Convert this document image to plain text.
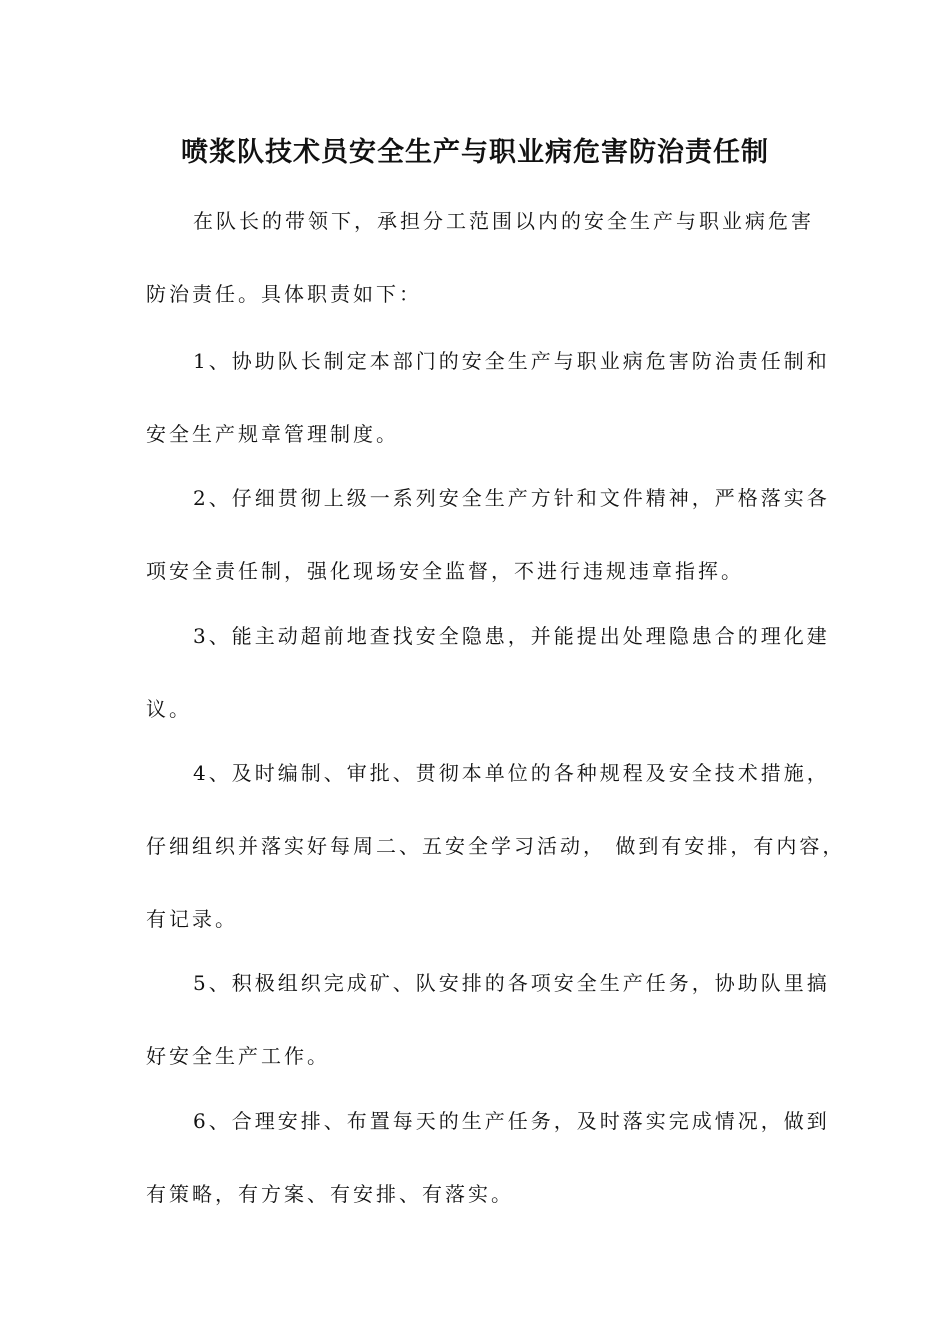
喷浆队技术员安全生产与职业病危害防治责任制

在队长的带领下，承担分工范围以内的安全生产与职业病危害

防治责任。具体职责如下：

1、协助队长制定本部门的安全生产与职业病危害防治责任制和

安全生产规章管理制度。

2、仔细贯彻上级一系列安全生产方针和文件精神，严格落实各

项安全责任制，强化现场安全监督，不进行违规违章指挥。

3、能主动超前地查找安全隐患，并能提出处理隐患合的理化建

议。

4、及时编制、审批、贯彻本单位的各种规程及安全技术措施，

仔细组织并落实好每周二、五安全学习活动， 做到有安排，有内容，

有记录。

5、积极组织完成矿、队安排的各项安全生产任务，协助队里搞

好安全生产工作。

6、合理安排、布置每天的生产任务，及时落实完成情况，做到

有策略，有方案、有安排、有落实。
